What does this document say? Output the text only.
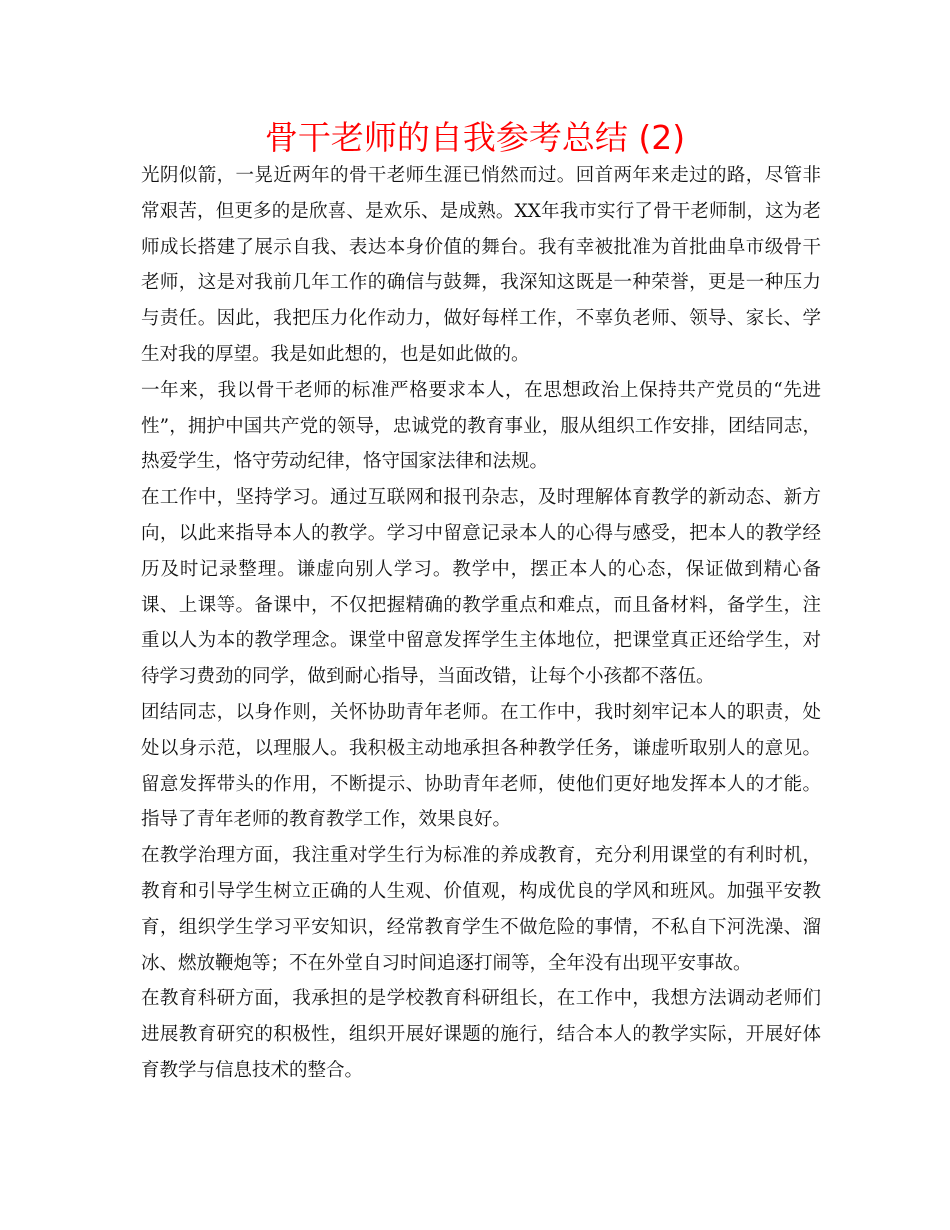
骨干老师的自我参考总结 (2)

光阴似箭，一晃近两年的骨干老师生涯已悄然而过。回首两年来走过的路，尽管非常艰苦，但更多的是欣喜、是欢乐、是成熟。XX年我市实行了骨干老师制，这为老师成长搭建了展示自我、表达本身价值的舞台。我有幸被批准为首批曲阜市级骨干老师，这是对我前几年工作的确信与鼓舞，我深知这既是一种荣誉，更是一种压力与责任。因此，我把压力化作动力，做好每样工作，不辜负老师、领导、家长、学生对我的厚望。我是如此想的，也是如此做的。

一年来，我以骨干老师的标准严格要求本人，在思想政治上保持共产党员的“先进性”，拥护中国共产党的领导，忠诚党的教育事业，服从组织工作安排，团结同志，热爱学生，恪守劳动纪律，恪守国家法律和法规。

在工作中，坚持学习。通过互联网和报刊杂志，及时理解体育教学的新动态、新方向，以此来指导本人的教学。学习中留意记录本人的心得与感受，把本人的教学经历及时记录整理。谦虚向别人学习。教学中，摆正本人的心态，保证做到精心备课、上课等。备课中，不仅把握精确的教学重点和难点，而且备材料，备学生，注重以人为本的教学理念。课堂中留意发挥学生主体地位，把课堂真正还给学生，对待学习费劲的同学，做到耐心指导，当面改错，让每个小孩都不落伍。

团结同志，以身作则，关怀协助青年老师。在工作中，我时刻牢记本人的职责，处处以身示范，以理服人。我积极主动地承担各种教学任务，谦虚听取别人的意见。留意发挥带头的作用，不断提示、协助青年老师，使他们更好地发挥本人的才能。指导了青年老师的教育教学工作，效果良好。

在教学治理方面，我注重对学生行为标准的养成教育，充分利用课堂的有利时机，教育和引导学生树立正确的人生观、价值观，构成优良的学风和班风。加强平安教育，组织学生学习平安知识，经常教育学生不做危险的事情，不私自下河洗澡、溜冰、燃放鞭炮等；不在外堂自习时间追逐打闹等，全年没有出现平安事故。

在教育科研方面，我承担的是学校教育科研组长，在工作中，我想方法调动老师们进展教育研究的积极性，组织开展好课题的施行，结合本人的教学实际，开展好体育教学与信息技术的整合。
